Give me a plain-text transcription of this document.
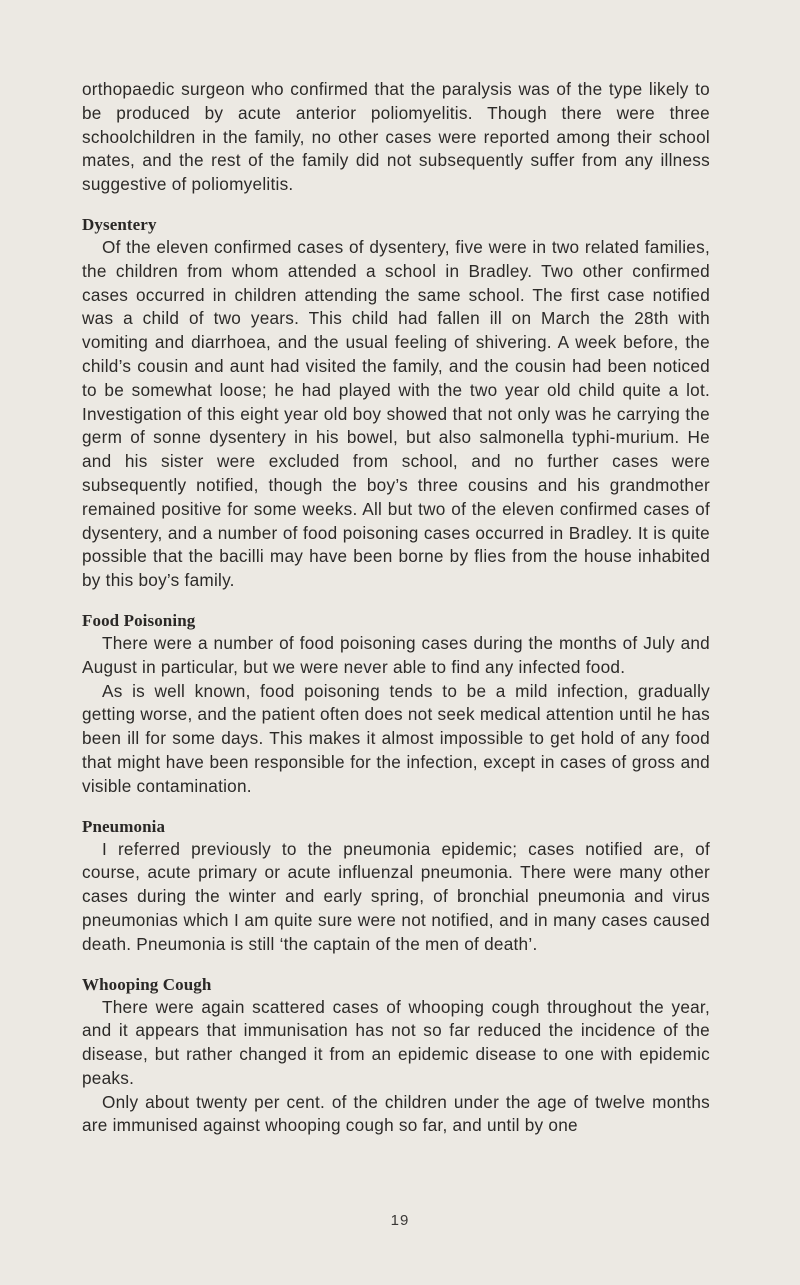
orthopaedic surgeon who confirmed that the paralysis was of the type likely to be produced by acute anterior poliomyelitis. Though there were three schoolchildren in the family, no other cases were reported among their school mates, and the rest of the family did not subsequently suffer from any illness suggestive of poliomyelitis.

Dysentery

Of the eleven confirmed cases of dysentery, five were in two related families, the children from whom attended a school in Bradley. Two other confirmed cases occurred in children attending the same school. The first case notified was a child of two years. This child had fallen ill on March the 28th with vomiting and diarrhoea, and the usual feeling of shivering. A week before, the child’s cousin and aunt had visited the family, and the cousin had been noticed to be somewhat loose; he had played with the two year old child quite a lot. Investigation of this eight year old boy showed that not only was he carrying the germ of sonne dysentery in his bowel, but also salmonella typhi-murium. He and his sister were excluded from school, and no further cases were subsequently notified, though the boy’s three cousins and his grandmother remained positive for some weeks. All but two of the eleven confirmed cases of dysentery, and a number of food poisoning cases occurred in Bradley. It is quite possible that the bacilli may have been borne by flies from the house inhabited by this boy’s family.

Food Poisoning

There were a number of food poisoning cases during the months of July and August in particular, but we were never able to find any infected food.

As is well known, food poisoning tends to be a mild infection, gradually getting worse, and the patient often does not seek medical attention until he has been ill for some days. This makes it almost impossible to get hold of any food that might have been responsible for the infection, except in cases of gross and visible contamination.

Pneumonia

I referred previously to the pneumonia epidemic; cases notified are, of course, acute primary or acute influenzal pneumonia. There were many other cases during the winter and early spring, of bronchial pneumonia and virus pneumonias which I am quite sure were not notified, and in many cases caused death. Pneumonia is still ‘the captain of the men of death’.

Whooping Cough

There were again scattered cases of whooping cough throughout the year, and it appears that immunisation has not so far reduced the incidence of the disease, but rather changed it from an epidemic disease to one with epidemic peaks.

Only about twenty per cent. of the children under the age of twelve months are immunised against whooping cough so far, and until by one

19
